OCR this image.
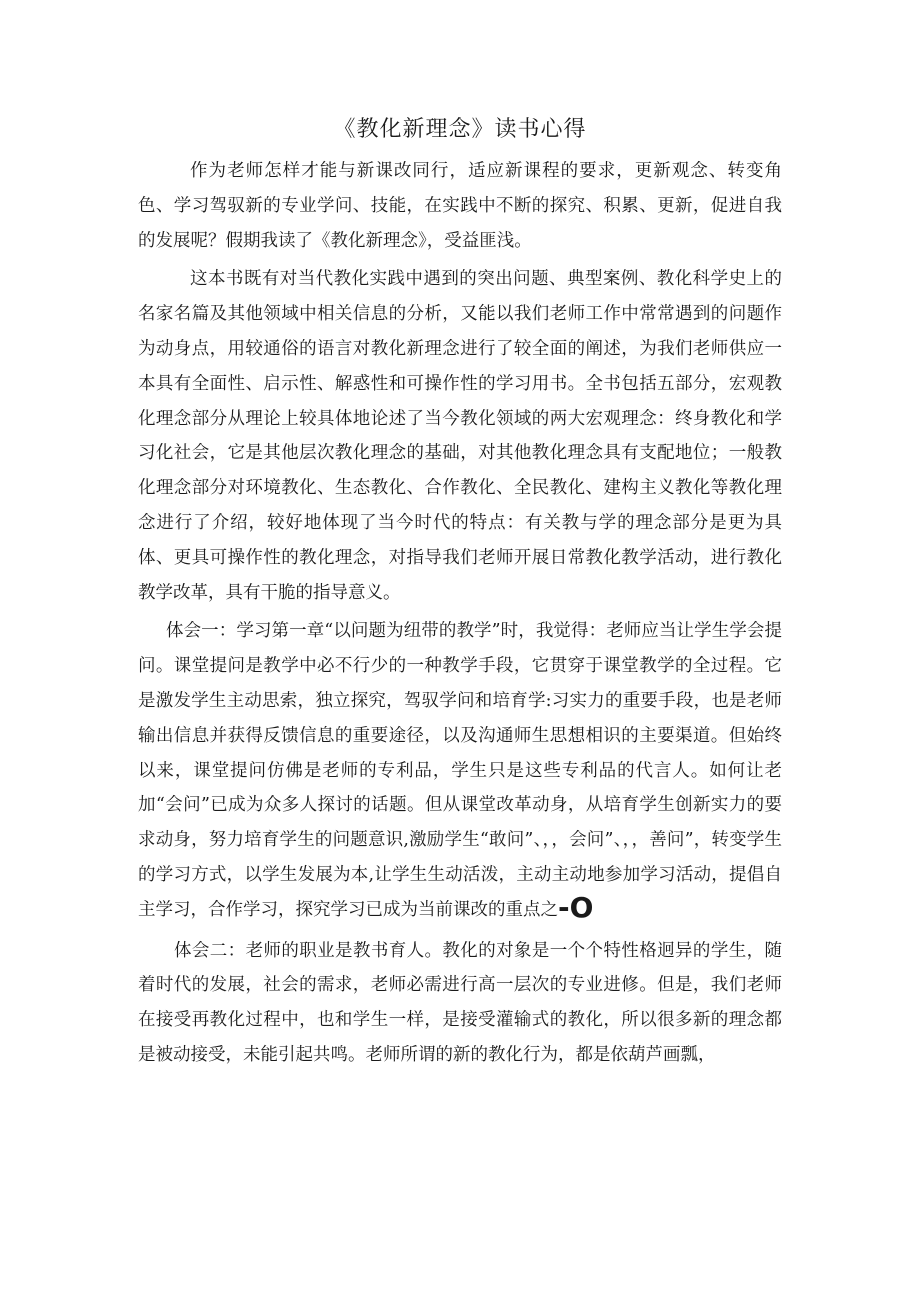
《教化新理念》读书心得

作为老师怎样才能与新课改同行，适应新课程的要求，更新观念、转变角色、学习驾驭新的专业学问、技能，在实践中不断的探究、积累、更新，促进自我的发展呢？假期我读了《教化新理念》，受益匪浅。

这本书既有对当代教化实践中遇到的突出问题、典型案例、教化科学史上的名家名篇及其他领域中相关信息的分析，又能以我们老师工作中常常遇到的问题作为动身点，用较通俗的语言对教化新理念进行了较全面的阐述，为我们老师供应一本具有全面性、启示性、解惑性和可操作性的学习用书。全书包括五部分，宏观教化理念部分从理论上较具体地论述了当今教化领域的两大宏观理念：终身教化和学习化社会，它是其他层次教化理念的基础，对其他教化理念具有支配地位；一般教化理念部分对环境教化、生态教化、合作教化、全民教化、建构主义教化等教化理念进行了介绍，较好地体现了当今时代的特点：有关教与学的理念部分是更为具体、更具可操作性的教化理念，对指导我们老师开展日常教化教学活动，进行教化教学改革，具有干脆的指导意义。

体会一：学习第一章“以问题为纽带的教学”时，我觉得：老师应当让学生学会提问。课堂提问是教学中必不行少的一种教学手段，它贯穿于课堂教学的全过程。它是激发学生主动思索，独立探究，驾驭学问和培育学:习实力的重要手段，也是老师输出信息并获得反馈信息的重要途径，以及沟通师生思想相识的主要渠道。但始终以来，课堂提问仿佛是老师的专利品，学生只是这些专利品的代言人。如何让老加“会问”已成为众多人探讨的话题。但从课堂改革动身，从培育学生创新实力的要求动身，努力培育学生的问题意识,激励学生“敢问”、，，会问”、，，善问”，转变学生的学习方式，以学生发展为本,让学生生动活泼，主动主动地参加学习活动，提倡自主学习，合作学习，探究学习已成为当前课改的重点之-O

体会二：老师的职业是教书育人。教化的对象是一个个特性格迥异的学生，随着时代的发展，社会的需求，老师必需进行高一层次的专业进修。但是，我们老师在接受再教化过程中，也和学生一样，是接受灌输式的教化，所以很多新的理念都是被动接受，未能引起共鸣。老师所谓的新的教化行为，都是依葫芦画瓢，
